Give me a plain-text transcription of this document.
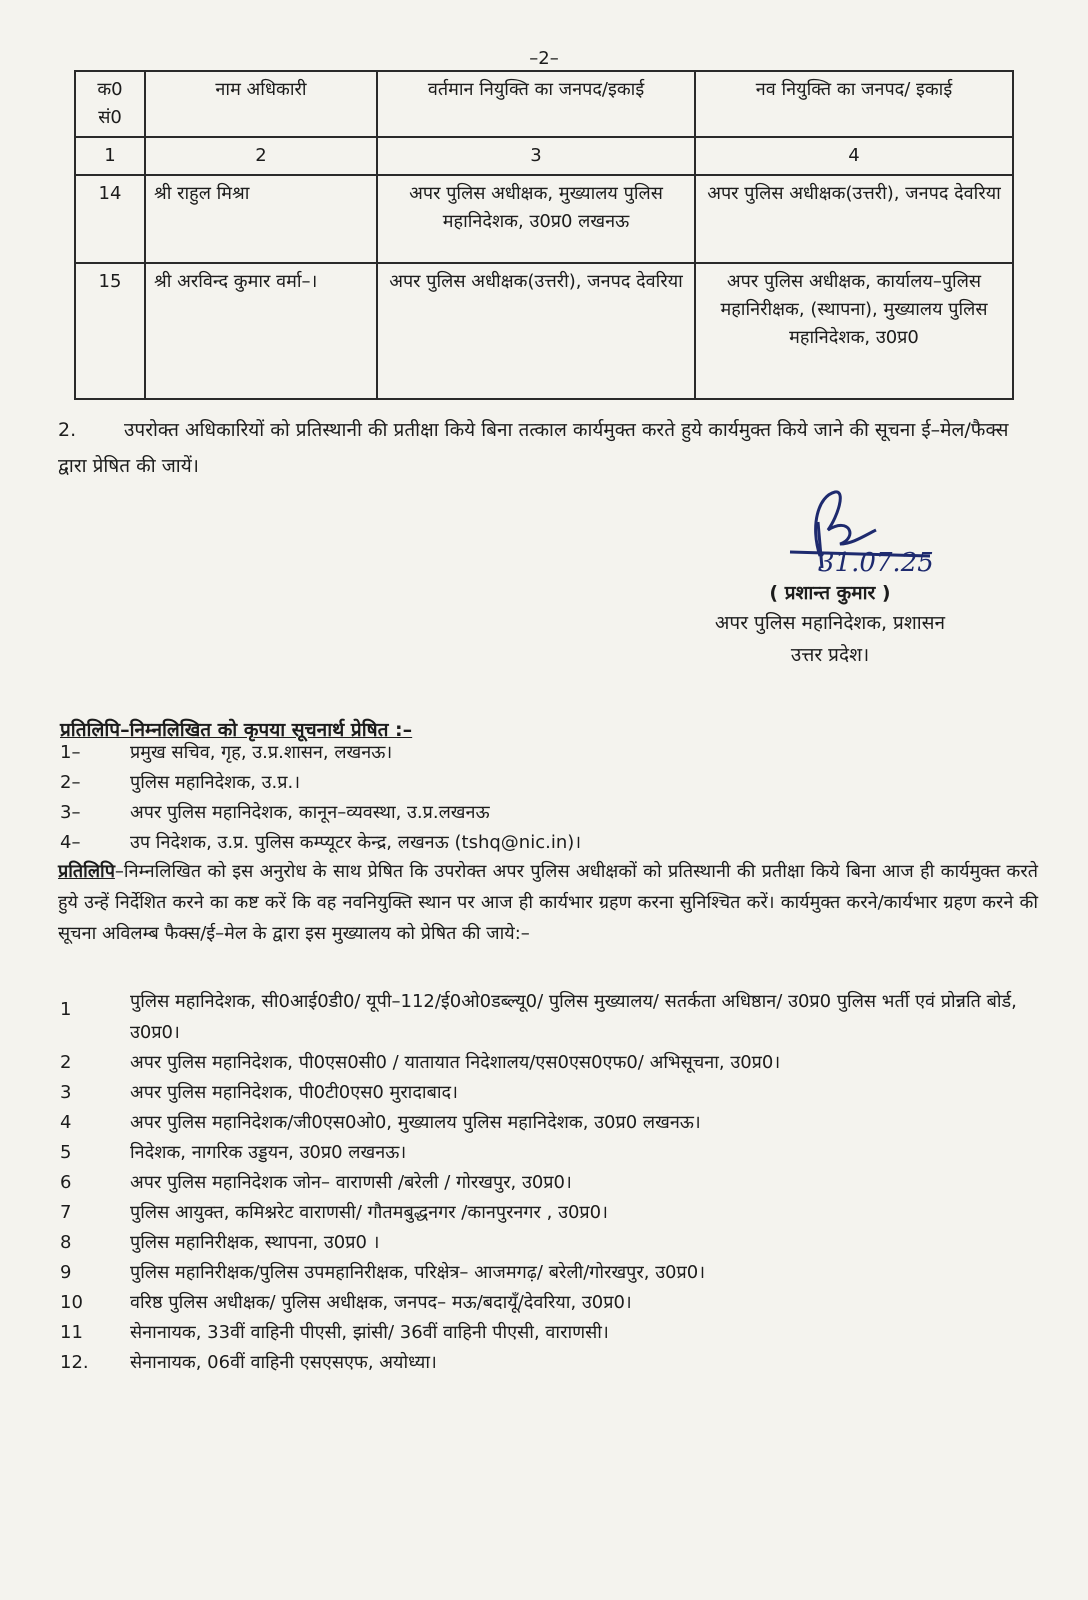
–2–
क0 सं0	नाम अधिकारी	वर्तमान नियुक्ति का जनपद/इकाई	नव नियुक्ति का जनपद/ इकाई
1	2	3	4
14	श्री राहुल मिश्रा	अपर पुलिस अधीक्षक, मुख्यालय पुलिस महानिदेशक, उ0प्र0 लखनऊ	अपर पुलिस अधीक्षक(उत्तरी), जनपद देवरिया
15	श्री अरविन्द कुमार वर्मा–।	अपर पुलिस अधीक्षक(उत्तरी), जनपद देवरिया	अपर पुलिस अधीक्षक, कार्यालय–पुलिस महानिरीक्षक, (स्थापना), मुख्यालय पुलिस महानिदेशक, उ0प्र0
2.	उपरोक्त अधिकारियों को प्रतिस्थानी की प्रतीक्षा किये बिना तत्काल कार्यमुक्त करते हुये कार्यमुक्त किये जाने की सूचना ई–मेल/फैक्स द्वारा प्रेषित की जायें।
31.07.25
( प्रशान्त कुमार )
अपर पुलिस महानिदेशक, प्रशासन
उत्तर प्रदेश।
प्रतिलिपि–निम्नलिखित को कृपया सूचनार्थ प्रेषित :–
1–	प्रमुख सचिव, गृह, उ.प्र.शासन, लखनऊ।
2–	पुलिस महानिदेशक, उ.प्र.।
3–	अपर पुलिस महानिदेशक, कानून–व्यवस्था, उ.प्र.लखनऊ
4–	उप निदेशक, उ.प्र. पुलिस कम्प्यूटर केन्द्र, लखनऊ (tshq@nic.in)।
प्रतिलिपि–निम्नलिखित को इस अनुरोध के साथ प्रेषित कि उपरोक्त अपर पुलिस अधीक्षकों को प्रतिस्थानी की प्रतीक्षा किये बिना आज ही कार्यमुक्त करते हुये उन्हें निर्देशित करने का कष्ट करें कि वह नवनियुक्ति स्थान पर आज ही कार्यभार ग्रहण करना सुनिश्चित करें। कार्यमुक्त करने/कार्यभार ग्रहण करने की सूचना अविलम्ब फैक्स/ई–मेल के द्वारा इस मुख्यालय को प्रेषित की जाये:–
1	पुलिस महानिदेशक, सी0आई0डी0/ यूपी–112/ई0ओ0डब्ल्यू0/ पुलिस मुख्यालय/ सतर्कता अधिष्ठान/ उ0प्र0 पुलिस भर्ती एवं प्रोन्नति बोर्ड, उ0प्र0।
2	अपर पुलिस महानिदेशक, पी0एस0सी0 / यातायात निदेशालय/एस0एस0एफ0/ अभिसूचना, उ0प्र0।
3	अपर पुलिस महानिदेशक, पी0टी0एस0 मुरादाबाद।
4	अपर पुलिस महानिदेशक/जी0एस0ओ0, मुख्यालय पुलिस महानिदेशक, उ0प्र0 लखनऊ।
5	निदेशक, नागरिक उड्डयन, उ0प्र0 लखनऊ।
6	अपर पुलिस महानिदेशक जोन– वाराणसी /बरेली / गोरखपुर, उ0प्र0।
7	पुलिस आयुक्त, कमिश्नरेट वाराणसी/ गौतमबुद्धनगर /कानपुरनगर , उ0प्र0।
8	पुलिस महानिरीक्षक, स्थापना, उ0प्र0 ।
9	पुलिस महानिरीक्षक/पुलिस उपमहानिरीक्षक, परिक्षेत्र– आजमगढ़/ बरेली/गोरखपुर, उ0प्र0।
10	वरिष्ठ पुलिस अधीक्षक/ पुलिस अधीक्षक, जनपद– मऊ/बदायूँ/देवरिया, उ0प्र0।
11	सेनानायक, 33वीं वाहिनी पीएसी, झांसी/ 36वीं वाहिनी पीएसी, वाराणसी।
12.	सेनानायक, 06वीं वाहिनी एसएसएफ, अयोध्या।
